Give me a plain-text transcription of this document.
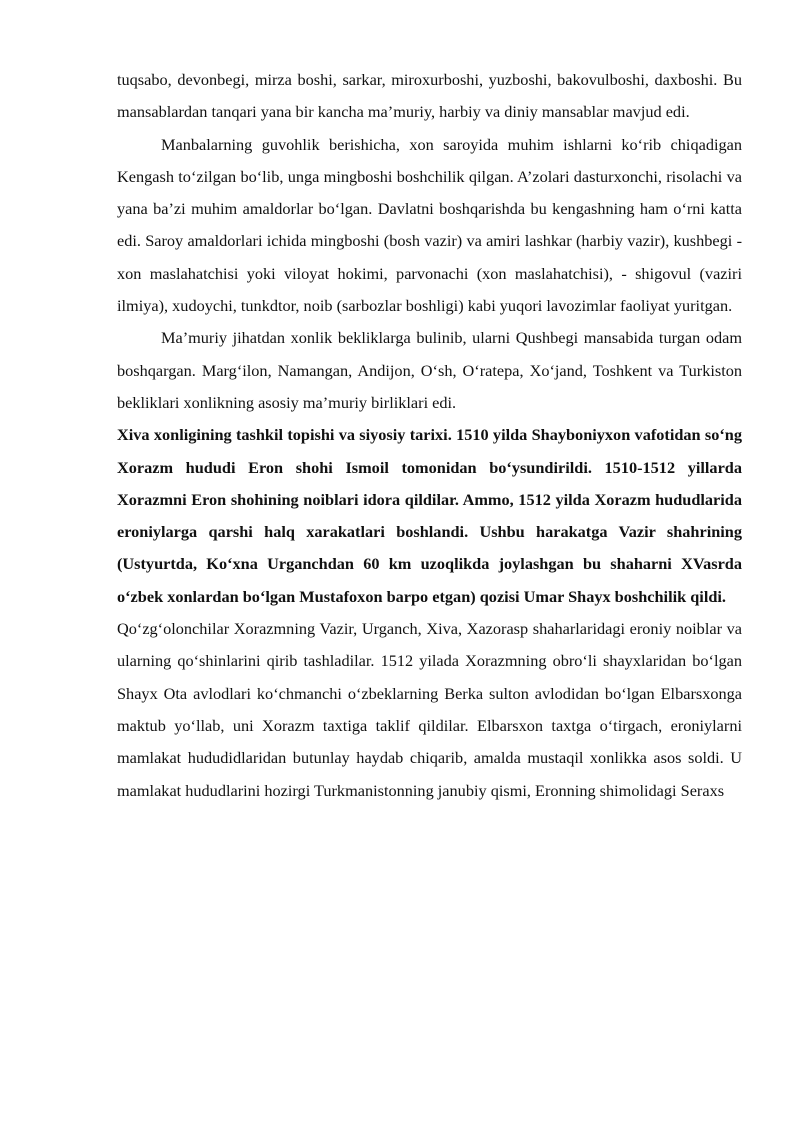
tuqsabo, devonbegi, mirza boshi, sarkar, miroxurboshi, yuzboshi, bakovulboshi, daxboshi. Bu mansablardan tanqari yana bir kancha ma’muriy, harbiy va diniy mansablar mavjud edi.

Manbalarning guvohlik berishicha, xon saroyida muhim ishlarni ko‘rib chiqadigan Kengash to‘zilgan bo‘lib, unga mingboshi boshchilik qilgan. A’zolari dasturxonchi, risolachi va yana ba’zi muhim amaldorlar bo‘lgan. Davlatni boshqarishda bu kengashning ham o‘rni katta edi. Saroy amaldorlari ichida mingboshi (bosh vazir) va amiri lashkar (harbiy vazir), kushbegi - xon maslahatchisi yoki viloyat hokimi, parvonachi (xon maslahatchisi), - shigovul (vaziri ilmiya), xudoychi, tunkdtor, noib (sarbozlar boshligi) kabi yuqori lavozimlar faoliyat yuritgan.

Ma’muriy jihatdan xonlik bekliklarga bulinib, ularni Qushbegi mansabida turgan odam boshqargan. Marg‘ilon, Namangan, Andijon, O‘sh, O‘ratepa, Xo‘jand, Toshkent va Turkiston bekliklari xonlikning asosiy ma’muriy birliklari edi.

Xiva xonligining tashkil topishi va siyosiy tarixi. 1510 yilda Shayboniyxon vafotidan so‘ng Xorazm hududi Eron shohi Ismoil tomonidan bo‘ysundirildi. 1510-1512 yillarda Xorazmni Eron shohining noiblari idora qildilar. Ammo, 1512 yilda Xorazm hududlarida eroniylarga qarshi halq xarakatlari boshlandi. Ushbu harakatga Vazir shahrining (Ustyurtda, Ko‘xna Urganchdan 60 km uzoqlikda joylashgan bu shaharni XVasrda o‘zbek xonlardan bo‘lgan Mustafoxon barpo etgan) qozisi Umar Shayx boshchilik qildi.

Qo‘zg‘olonchilar Xorazmning Vazir, Urganch, Xiva, Xazorasp shaharlaridagi eroniy noiblar va ularning qo‘shinlarini qirib tashladilar. 1512 yilada Xorazmning obro‘li shayxlaridan bo‘lgan Shayx Ota avlodlari ko‘chmanchi o‘zbeklarning Berka sulton avlodidan bo‘lgan Elbarsxonga maktub yo‘llab, uni Xorazm taxtiga taklif qildilar. Elbarsxon taxtga o‘tirgach, eroniylarni mamlakat hududidlaridan butunlay haydab chiqarib, amalda mustaqil xonlikka asos soldi. U mamlakat hududlarini hozirgi Turkmanistonning janubiy qismi, Eronning shimolidagi Seraxs
